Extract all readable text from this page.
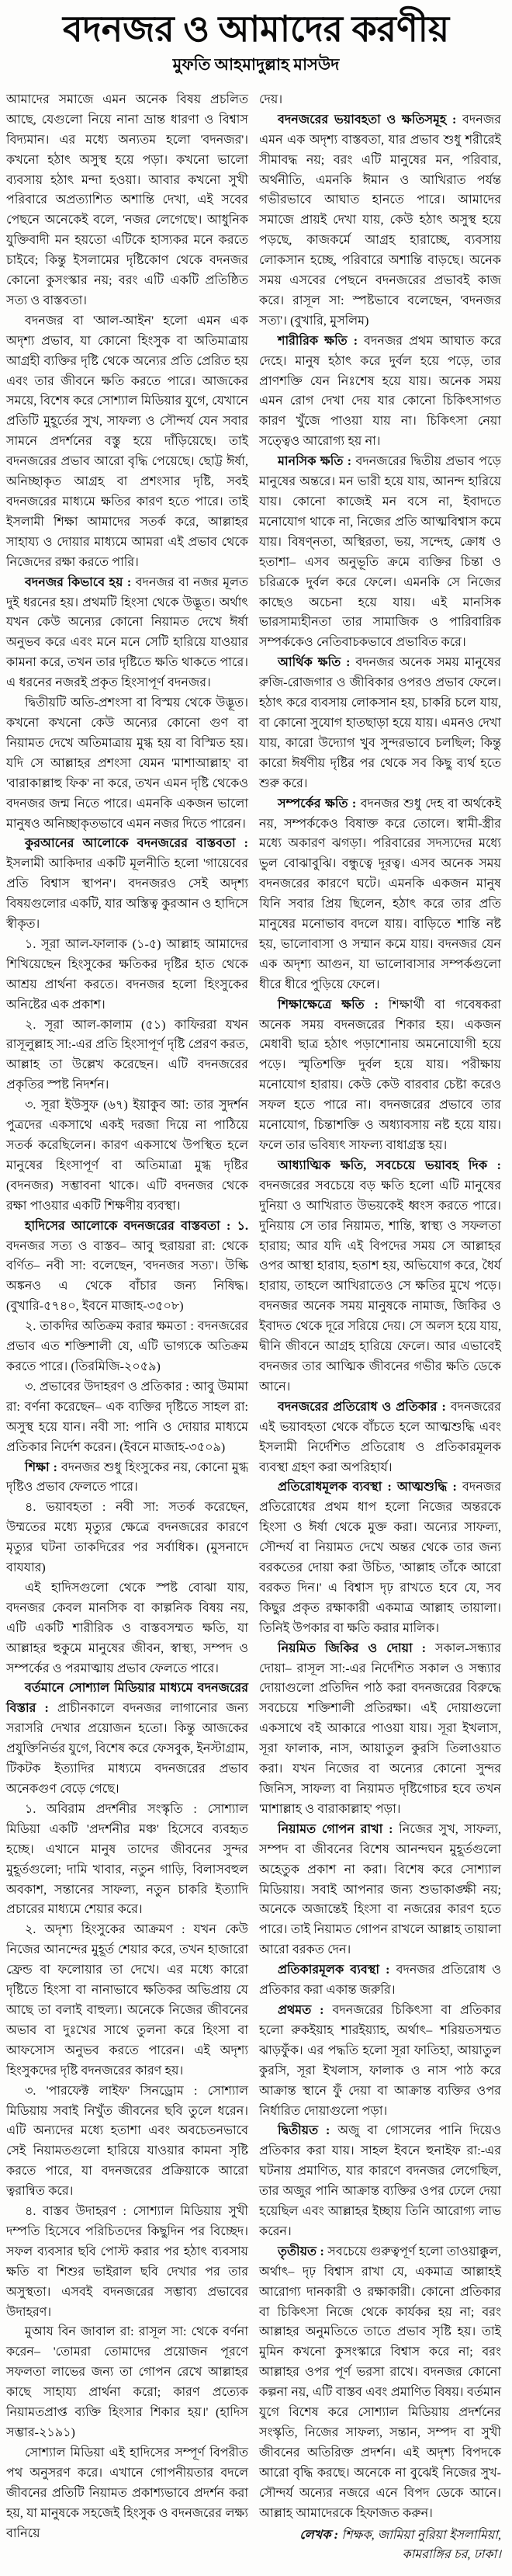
বদনজর ও আমাদের করণীয়
মুফতি আহমাদুল্লাহ মাসউদ

আমাদের সমাজে এমন অনেক বিষয় প্রচলিত আছে, যেগুলো নিয়ে নানা ভ্রান্ত ধারণা ও বিশ্বাস বিদ্যমান। এর মধ্যে অন্যতম হলো 'বদনজর'। কখনো হঠাৎ অসুস্থ হয়ে পড়া। কখনো ভালো ব্যবসায় হঠাৎ মন্দা হওয়া। আবার কখনো সুখী পরিবারে অপ্রত্যাশিত অশান্তি দেখা, এই সবের পেছনে অনেকেই বলে, 'নজর লেগেছে'। আধুনিক যুক্তিবাদী মন হয়তো এটিকে হাস্যকর মনে করতে চাইবে; কিন্তু ইসলামের দৃষ্টিকোণ থেকে বদনজর কোনো কুসংস্কার নয়; বরং এটি একটি প্রতিষ্ঠিত সত্য ও বাস্তবতা।

বদনজর বা 'আল-আইন' হলো এমন এক অদৃশ্য প্রভাব, যা কোনো হিংসুক বা অতিমাত্রায় আগ্রহী ব্যক্তির দৃষ্টি থেকে অন্যের প্রতি প্রেরিত হয় এবং তার জীবনে ক্ষতি করতে পারে। আজকের সময়ে, বিশেষ করে সোশ্যাল মিডিয়ার যুগে, যেখানে প্রতিটি মুহূর্তের সুখ, সাফল্য ও সৌন্দর্য যেন সবার সামনে প্রদর্শনের বস্তু হয়ে দাঁড়িয়েছে। তাই বদনজরের প্রভাব আরো বৃদ্ধি পেয়েছে। ছোট্ট ঈর্ষা, অনিচ্ছাকৃত আগ্রহ বা প্রশংসার দৃষ্টি, সবই বদনজরের মাধ্যমে ক্ষতির কারণ হতে পারে। তাই ইসলামী শিক্ষা আমাদের সতর্ক করে, আল্লাহর সাহায্য ও দোয়ার মাধ্যমে আমরা এই প্রভাব থেকে নিজেদের রক্ষা করতে পারি।

বদনজর কিভাবে হয় : বদনজর বা নজর মূলত দুই ধরনের হয়। প্রথমটি হিংসা থেকে উদ্ভূত। অর্থাৎ যখন কেউ অন্যের কোনো নিয়ামত দেখে ঈর্ষা অনুভব করে এবং মনে মনে সেটি হারিয়ে যাওয়ার কামনা করে, তখন তার দৃষ্টিতে ক্ষতি থাকতে পারে। এ ধরনের নজরই প্রকৃত হিংসাপূর্ণ বদনজর।

দ্বিতীয়টি অতি-প্রশংসা বা বিস্ময় থেকে উদ্ভূত। কখনো কখনো কেউ অন্যের কোনো গুণ বা নিয়ামত দেখে অতিমাত্রায় মুগ্ধ হয় বা বিস্মিত হয়। যদি সে আল্লাহর প্রশংসা যেমন 'মাশাআল্লাহ' বা 'বারাকাল্লাহু ফিক' না করে, তখন এমন দৃষ্টি থেকেও বদনজর জন্ম নিতে পারে। এমনকি একজন ভালো মানুষও অনিচ্ছাকৃতভাবে এমন নজর দিতে পারেন।

কুরআনের আলোকে বদনজরের বাস্তবতা : ইসলামী আকিদার একটি মূলনীতি হলো 'গায়েবের প্রতি বিশ্বাস স্থাপন'। বদনজরও সেই অদৃশ্য বিষয়গুলোর একটি, যার অস্তিত্ব কুরআন ও হাদিসে স্বীকৃত।

১. সূরা আল-ফালাক (১-৫) আল্লাহ আমাদের শিখিয়েছেন হিংসুকের ক্ষতিকর দৃষ্টির হাত থেকে আশ্রয় প্রার্থনা করতে। বদনজর হলো হিংসুকের অনিষ্টের এক প্রকাশ।

২. সূরা আল-কালাম (৫১) কাফিররা যখন রাসূলুল্লাহ সা:-এর প্রতি হিংসাপূর্ণ দৃষ্টি প্রেরণ করত, আল্লাহ তা উল্লেখ করেছেন। এটি বদনজরের প্রকৃতির স্পষ্ট নিদর্শন।

৩. সূরা ইউসুফ (৬৭) ইয়াকুব আ: তার সুদর্শন পুত্রদের একসাথে একই দরজা দিয়ে না পাঠিয়ে সতর্ক করেছিলেন। কারণ একসাথে উপস্থিত হলে মানুষের হিংসাপূর্ণ বা অতিমাত্রা মুগ্ধ দৃষ্টির (বদনজর) সম্ভাবনা থাকে। এটি বদনজর থেকে রক্ষা পাওয়ার একটি শিক্ষণীয় ব্যবস্থা।

হাদিসের আলোকে বদনজরের বাস্তবতা : ১. বদনজর সত্য ও বাস্তব– আবু হুরায়রা রা: থেকে বর্ণিত– নবী সা: বলেছেন, 'বদনজর সত্য'। উল্কি অঙ্কনও এ থেকে বাঁচার জন্য নিষিদ্ধ। (বুখারি-৫৭৪০, ইবনে মাজাহ-৩৫০৮)

২. তাকদির অতিক্রম করার ক্ষমতা : বদনজরের প্রভাব এত শক্তিশালী যে, এটি ভাগ্যকে অতিক্রম করতে পারে। (তিরমিজি-২০৫৯)

৩. প্রভাবের উদাহরণ ও প্রতিকার : আবু উমামা রা: বর্ণনা করেছেন– এক ব্যক্তির দৃষ্টিতে সাহল রা: অসুস্থ হয়ে যান। নবী সা: পানি ও দোয়ার মাধ্যমে প্রতিকার নির্দেশ করেন। (ইবনে মাজাহ-৩৫০৯)

শিক্ষা : বদনজর শুধু হিংসুকের নয়, কোনো মুগ্ধ দৃষ্টিও প্রভাব ফেলতে পারে।

৪. ভয়াবহতা : নবী সা: সতর্ক করেছেন, উম্মতের মধ্যে মৃত্যুর ক্ষেত্রে বদনজরের কারণে মৃত্যুর ঘটনা তাকদিরের পর সর্বাধিক। (মুসনাদে বাযযার)

এই হাদিসগুলো থেকে স্পষ্ট বোঝা যায়, বদনজর কেবল মানসিক বা কাল্পনিক বিষয় নয়, এটি একটি শারীরিক ও বাস্তবসম্মত ক্ষতি, যা আল্লাহর হুকুমে মানুষের জীবন, স্বাস্থ্য, সম্পদ ও সম্পর্কের ও পরমাত্মায় প্রভাব ফেলতে পারে।

বর্তমানে সোশ্যাল মিডিয়ার মাধ্যমে বদনজরের বিস্তার : প্রাচীনকালে বদনজর লাগানোর জন্য সরাসরি দেখার প্রয়োজন হতো। কিন্তু আজকের প্রযুক্তিনির্ভর যুগে, বিশেষ করে ফেসবুক, ইনস্টাগ্রাম, টিকটক ইত্যাদির মাধ্যমে বদনজরের প্রভাব অনেকগুণ বেড়ে গেছে।

১. অবিরাম প্রদর্শনীর সংস্কৃতি : সোশ্যাল মিডিয়া একটি 'প্রদর্শনীর মঞ্চ' হিসেবে ব্যবহৃত হচ্ছে। এখানে মানুষ তাদের জীবনের সুন্দর মুহূর্তগুলো; দামি খাবার, নতুন গাড়ি, বিলাসবহুল অবকাশ, সন্তানের সাফল্য, নতুন চাকরি ইত্যাদি প্রচারের মাধ্যমে শেয়ার করে।

২. অদৃশ্য হিংসুকের আক্রমণ : যখন কেউ নিজের আনন্দের মুহূর্ত শেয়ার করে, তখন হাজারো ফ্রেন্ড বা ফলোয়ার তা দেখে। এর মধ্যে কারো দৃষ্টিতে হিংসা বা নানাভাবে ক্ষতিকর অভিপ্রায় যে আছে তা বলাই বাহুল্য। অনেকে নিজের জীবনের অভাব বা দুঃখের সাথে তুলনা করে হিংসা বা আফসোস অনুভব করতে পারেন। এই অদৃশ্য হিংসুকদের দৃষ্টি বদনজরের কারণ হয়।

৩. 'পারফেক্ট লাইফ' সিনড্রোম : সোশ্যাল মিডিয়ায় সবাই নিখুঁত জীবনের ছবি তুলে ধরেন। এটি অন্যদের মধ্যে হতাশা এবং অবচেতনভাবে সেই নিয়ামতগুলো হারিয়ে যাওয়ার কামনা সৃষ্টি করতে পারে, যা বদনজরের প্রক্রিয়াকে আরো ত্বরান্বিত করে।

৪. বাস্তব উদাহরণ : সোশ্যাল মিডিয়ায় সুখী দম্পতি হিসেবে পরিচিতদের কিছুদিন পর বিচ্ছেদ। সফল ব্যবসার ছবি পোস্ট করার পর হঠাৎ ব্যবসায় ক্ষতি বা শিশুর ভাইরাল ছবি দেখার পর তার অসুস্থতা। এসবই বদনজরের সম্ভাব্য প্রভাবের উদাহরণ।

মুআয বিন জাবাল রা: রাসূল সা: থেকে বর্ণনা করেন– 'তোমরা তোমাদের প্রয়োজন পূরণে সফলতা লাভের জন্য তা গোপন রেখে আল্লাহর কাছে সাহায্য প্রার্থনা করো; কারণ প্রত্যেক নিয়ামতপ্রাপ্ত ব্যক্তি হিংসার শিকার হয়।' (হাদিস সম্ভার-২১৯১)

সোশ্যাল মিডিয়া এই হাদিসের সম্পূর্ণ বিপরীত পথ অনুসরণ করে। এখানে গোপনীয়তার বদলে জীবনের প্রতিটি নিয়ামত প্রকাশ্যভাবে প্রদর্শন করা হয়, যা মানুষকে সহজেই হিংসুক ও বদনজরের লক্ষ্য বানিয়ে

দেয়।

বদনজরের ভয়াবহতা ও ক্ষতিসমূহ : বদনজর এমন এক অদৃশ্য বাস্তবতা, যার প্রভাব শুধু শরীরেই সীমাবদ্ধ নয়; বরং এটি মানুষের মন, পরিবার, অর্থনীতি, এমনকি ঈমান ও আখিরাত পর্যন্ত গভীরভাবে আঘাত হানতে পারে। আমাদের সমাজে প্রায়ই দেখা যায়, কেউ হঠাৎ অসুস্থ হয়ে পড়ছে, কাজকর্মে আগ্রহ হারাচ্ছে, ব্যবসায় লোকসান হচ্ছে, পরিবারে অশান্তি বাড়ছে। অনেক সময় এসবের পেছনে বদনজরের প্রভাবই কাজ করে। রাসূল সা: স্পষ্টভাবে বলেছেন, 'বদনজর সত্য'। (বুখারি, মুসলিম)

শারীরিক ক্ষতি : বদনজর প্রথম আঘাত করে দেহে। মানুষ হঠাৎ করে দুর্বল হয়ে পড়ে, তার প্রাণশক্তি যেন নিঃশেষ হয়ে যায়। অনেক সময় এমন রোগ দেখা দেয় যার কোনো চিকিৎসাগত কারণ খুঁজে পাওয়া যায় না। চিকিৎসা নেয়া সত্ত্বেও আরোগ্য হয় না।

মানসিক ক্ষতি : বদনজরের দ্বিতীয় প্রভাব পড়ে মানুষের অন্তরে। মন ভারী হয়ে যায়, আনন্দ হারিয়ে যায়। কোনো কাজেই মন বসে না, ইবাদতে মনোযোগ থাকে না, নিজের প্রতি আত্মবিশ্বাস কমে যায়। বিষণ্নতা, অস্থিরতা, ভয়, সন্দেহ, ক্রোধ ও হতাশা– এসব অনুভূতি ক্রমে ব্যক্তির চিন্তা ও চরিত্রকে দুর্বল করে ফেলে। এমনকি সে নিজের কাছেও অচেনা হয়ে যায়। এই মানসিক ভারসাম্যহীনতা তার সামাজিক ও পারিবারিক সম্পর্ককেও নেতিবাচকভাবে প্রভাবিত করে।

আর্থিক ক্ষতি : বদনজর অনেক সময় মানুষের রুজি-রোজগার ও জীবিকার ওপরও প্রভাব ফেলে। হঠাৎ করে ব্যবসায় লোকসান হয়, চাকরি চলে যায়, বা কোনো সুযোগ হাতছাড়া হয়ে যায়। এমনও দেখা যায়, কারো উদ্যোগ খুব সুন্দরভাবে চলছিল; কিন্তু কারো ঈর্ষণীয় দৃষ্টির পর থেকে সব কিছু ব্যর্থ হতে শুরু করে।

সম্পর্কের ক্ষতি : বদনজর শুধু দেহ বা অর্থকেই নয়, সম্পর্ককেও বিষাক্ত করে তোলে। স্বামী-স্ত্রীর মধ্যে অকারণ ঝগড়া। পরিবারের সদস্যদের মধ্যে ভুল বোঝাবুঝি। বন্ধুত্বে দূরত্ব। এসব অনেক সময় বদনজরের কারণে ঘটে। এমনকি একজন মানুষ যিনি সবার প্রিয় ছিলেন, হঠাৎ করে তার প্রতি মানুষের মনোভাব বদলে যায়। বাড়িতে শান্তি নষ্ট হয়, ভালোবাসা ও সম্মান কমে যায়। বদনজর যেন এক অদৃশ্য আগুন, যা ভালোবাসার সম্পর্কগুলো ধীরে ধীরে পুড়িয়ে ফেলে।

শিক্ষাক্ষেত্রে ক্ষতি : শিক্ষার্থী বা গবেষকরা অনেক সময় বদনজরের শিকার হয়। একজন মেধাবী ছাত্র হঠাৎ পড়াশোনায় অমনোযোগী হয়ে পড়ে। স্মৃতিশক্তি দুর্বল হয়ে যায়। পরীক্ষায় মনোযোগ হারায়। কেউ কেউ বারবার চেষ্টা করেও সফল হতে পারে না। বদনজরের প্রভাবে তার মনোযোগ, চিন্তাশক্তি ও অধ্যাবসায় নষ্ট হয়ে যায়। ফলে তার ভবিষ্যৎ সাফল্য বাধাগ্রস্ত হয়।

আধ্যাত্মিক ক্ষতি, সবচেয়ে ভয়াবহ দিক : বদনজরের সবচেয়ে বড় ক্ষতি হলো এটি মানুষের দুনিয়া ও আখিরাত উভয়কেই ধ্বংস করতে পারে। দুনিয়ায় সে তার নিয়ামত, শান্তি, স্বাস্থ্য ও সফলতা হারায়; আর যদি এই বিপদের সময় সে আল্লাহর ওপর আস্থা হারায়, হতাশ হয়, অভিযোগ করে, ধৈর্য হারায়, তাহলে আখিরাতেও সে ক্ষতির মুখে পড়ে। বদনজর অনেক সময় মানুষকে নামাজ, জিকির ও ইবাদত থেকে দূরে সরিয়ে দেয়। সে অলস হয়ে যায়, দ্বীনি জীবনে আগ্রহ হারিয়ে ফেলে। আর এভাবেই বদনজর তার আত্মিক জীবনের গভীর ক্ষতি ডেকে আনে।

বদনজরের প্রতিরোধ ও প্রতিকার : বদনজরের এই ভয়াবহতা থেকে বাঁচতে হলে আত্মশুদ্ধি এবং ইসলামী নির্দেশিত প্রতিরোধ ও প্রতিকারমূলক ব্যবস্থা গ্রহণ করা অপরিহার্য।

প্রতিরোধমূলক ব্যবস্থা : আত্মশুদ্ধি : বদনজর প্রতিরোধের প্রথম ধাপ হলো নিজের অন্তরকে হিংসা ও ঈর্ষা থেকে মুক্ত করা। অন্যের সাফল্য, সৌন্দর্য বা নিয়ামত দেখে অন্তর থেকে তার জন্য বরকতের দোয়া করা উচিত, 'আল্লাহ তাঁকে আরো বরকত দিন।' এ বিশ্বাস দৃঢ় রাখতে হবে যে, সব কিছুর প্রকৃত রক্ষাকারী একমাত্র আল্লাহ তায়ালা। তিনিই উপকার বা ক্ষতি করার মালিক।

নিয়মিত জিকির ও দোয়া : সকাল-সন্ধ্যার দোয়া– রাসূল সা:-এর নির্দেশিত সকাল ও সন্ধ্যার দোয়াগুলো প্রতিদিন পাঠ করা বদনজরের বিরুদ্ধে সবচেয়ে শক্তিশালী প্রতিরক্ষা। এই দোয়াগুলো একসাথে বই আকারে পাওয়া যায়। সূরা ইখলাস, সূরা ফালাক, নাস, আয়াতুল কুরসি তিলাওয়াত করা। যখন নিজের বা অন্যের কোনো সুন্দর জিনিস, সাফল্য বা নিয়ামত দৃষ্টিগোচর হবে তখন 'মাশাল্লাহ ও বারাকাল্লাহ' পড়া।

নিয়ামত গোপন রাখা : নিজের সুখ, সাফল্য, সম্পদ বা জীবনের বিশেষ আনন্দঘন মুহূর্তগুলো অহেতুক প্রকাশ না করা। বিশেষ করে সোশ্যাল মিডিয়ায়। সবাই আপনার জন্য শুভাকাঙ্ক্ষী নয়; অনেকে অজান্তেই হিংসা বা নজরের কারণ হতে পারে। তাই নিয়ামত গোপন রাখলে আল্লাহ তায়ালা আরো বরকত দেন।

প্রতিকারমূলক ব্যবস্থা : বদনজর প্রতিরোধ ও প্রতিকার করা একান্ত জরুরি।

প্রথমত : বদনজরের চিকিৎসা বা প্রতিকার হলো রুকইয়াহ শারইয়্যাহ, অর্থাৎ– শরিয়তসম্মত ঝাড়ফুঁক। এর পদ্ধতি হলো সূরা ফাতিহা, আয়াতুল কুরসি, সূরা ইখলাস, ফালাক ও নাস পাঠ করে আক্রান্ত স্থানে ফুঁ দেয়া বা আক্রান্ত ব্যক্তির ওপর নির্ধারিত দোয়াগুলো পড়া।

দ্বিতীয়ত : অজু বা গোসলের পানি দিয়েও প্রতিকার করা যায়। সাহল ইবনে হুনাইফ রা:-এর ঘটনায় প্রমাণিত, যার কারণে বদনজর লেগেছিল, তার অজুর পানি আক্রান্ত ব্যক্তির ওপর ঢেলে দেয়া হয়েছিল এবং আল্লাহর ইচ্ছায় তিনি আরোগ্য লাভ করেন।

তৃতীয়ত : সবচেয়ে গুরুত্বপূর্ণ হলো তাওয়াক্কুল, অর্থাৎ– দৃঢ় বিশ্বাস রাখা যে, একমাত্র আল্লাহই আরোগ্য দানকারী ও রক্ষাকারী। কোনো প্রতিকার বা চিকিৎসা নিজে থেকে কার্যকর হয় না; বরং আল্লাহর অনুমতিতে তাতে প্রভাব সৃষ্টি হয়। তাই মুমিন কখনো কুসংস্কারে বিশ্বাস করে না; বরং আল্লাহর ওপর পূর্ণ ভরসা রাখে। বদনজর কোনো কল্পনা নয়, এটি বাস্তব এবং প্রমাণিত বিষয়। বর্তমান যুগে বিশেষ করে সোশ্যাল মিডিয়ায় প্রদর্শনের সংস্কৃতি, নিজের সাফল্য, সন্তান, সম্পদ বা সুখী জীবনের অতিরিক্ত প্রদর্শন। এই অদৃশ্য বিপদকে আরো বৃদ্ধি করছে। অনেকে না বুঝেই নিজের সুখ-সৌন্দর্য অন্যের নজরে এনে বিপদ ডেকে আনে। আল্লাহ আমাদেরকে হিফাজত করুন।

লেখক : শিক্ষক, জামিয়া নুরিয়া ইসলামিয়া,
কামরাঙ্গির চর, ঢাকা।
